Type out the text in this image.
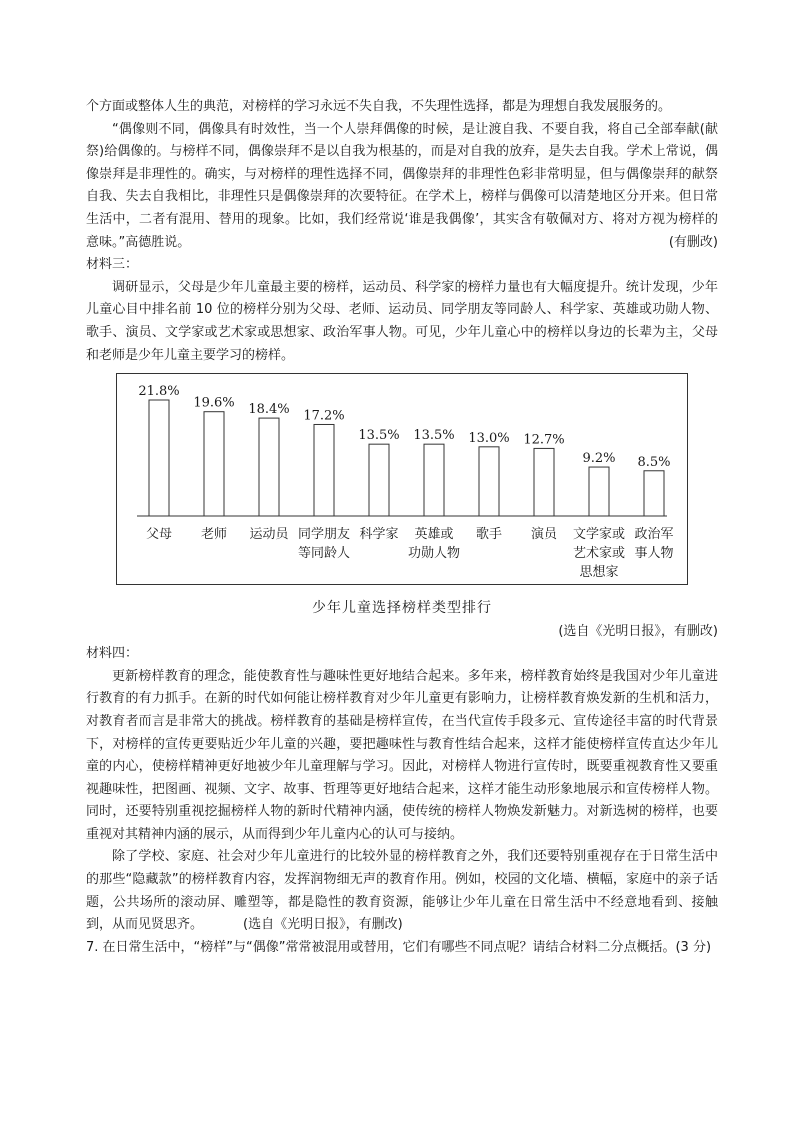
个方面或整体人生的典范，对榜样的学习永远不失自我，不失理性选择，都是为理想自我发展服务的。

“偶像则不同，偶像具有时效性，当一个人崇拜偶像的时候，是让渡自我、不要自我，将自己全部奉献(献祭)给偶像的。与榜样不同，偶像崇拜不是以自我为根基的，而是对自我的放弃，是失去自我。学术上常说，偶像崇拜是非理性的。确实，与对榜样的理性选择不同，偶像崇拜的非理性色彩非常明显，但与偶像崇拜的献祭自我、失去自我相比，非理性只是偶像崇拜的次要特征。在学术上，榜样与偶像可以清楚地区分开来。但日常生活中，二者有混用、替用的现象。比如，我们经常说‘谁是我偶像’，其实含有敬佩对方、将对方视为榜样的意味。”高德胜说。	(有删改)

材料三：

调研显示，父母是少年儿童最主要的榜样，运动员、科学家的榜样力量也有大幅度提升。统计发现，少年儿童心目中排名前 10 位的榜样分别为父母、老师、运动员、同学朋友等同龄人、科学家、英雄或功勋人物、歌手、演员、文学家或艺术家或思想家、政治军事人物。可见，少年儿童心中的榜样以身边的长辈为主，父母和老师是少年儿童主要学习的榜样。

21.8%
父母
19.6%
老师
18.4%
运动员
17.2%
同学朋友
等同龄人
13.5%
科学家
13.5%
英雄或
功勋人物
13.0%
歌手
12.7%
演员
9.2%
文学家或
艺术家或
思想家
8.5%
政治军
事人物

少年儿童选择榜样类型排行

(选自《光明日报》，有删改)

材料四：

更新榜样教育的理念，能使教育性与趣味性更好地结合起来。多年来，榜样教育始终是我国对少年儿童进行教育的有力抓手。在新的时代如何能让榜样教育对少年儿童更有影响力，让榜样教育焕发新的生机和活力，对教育者而言是非常大的挑战。榜样教育的基础是榜样宣传，在当代宣传手段多元、宣传途径丰富的时代背景下，对榜样的宣传更要贴近少年儿童的兴趣，要把趣味性与教育性结合起来，这样才能使榜样宣传直达少年儿童的内心，使榜样精神更好地被少年儿童理解与学习。因此，对榜样人物进行宣传时，既要重视教育性又要重视趣味性，把图画、视频、文字、故事、哲理等更好地结合起来，这样才能生动形象地展示和宣传榜样人物。同时，还要特别重视挖掘榜样人物的新时代精神内涵，使传统的榜样人物焕发新魅力。对新选树的榜样，也要重视对其精神内涵的展示，从而得到少年儿童内心的认可与接纳。

除了学校、家庭、社会对少年儿童进行的比较外显的榜样教育之外，我们还要特别重视存在于日常生活中的那些“隐藏款”的榜样教育内容，发挥润物细无声的教育作用。例如，校园的文化墙、横幅，家庭中的亲子话题，公共场所的滚动屏、雕塑等，都是隐性的教育资源，能够让少年儿童在日常生活中不经意地看到、接触到，从而见贤思齐。	(选自《光明日报》，有删改)

7. 在日常生活中，“榜样”与“偶像”常常被混用或替用，它们有哪些不同点呢？请结合材料二分点概括。(3 分)
